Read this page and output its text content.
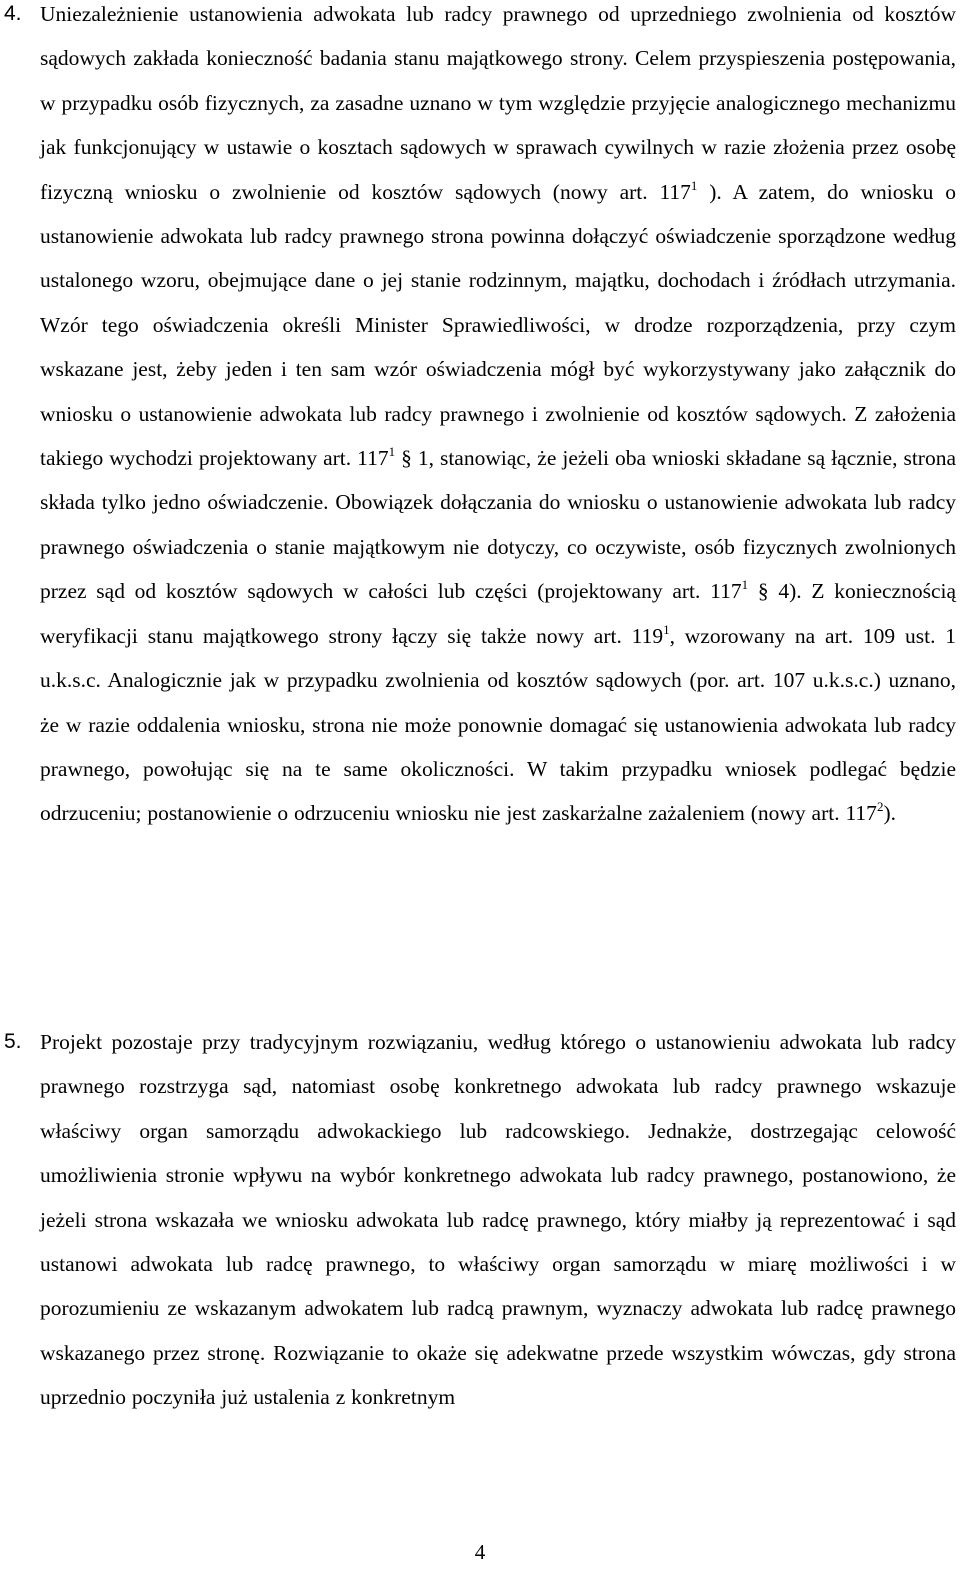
4. Uniezależnienie ustanowienia adwokata lub radcy prawnego od uprzedniego zwolnienia od kosztów sądowych zakłada konieczność badania stanu majątkowego strony. Celem przyspieszenia postępowania, w przypadku osób fizycznych, za zasadne uznano w tym względzie przyjęcie analogicznego mechanizmu jak funkcjonujący w ustawie o kosztach sądowych w sprawach cywilnych w razie złożenia przez osobę fizyczną wniosku o zwolnienie od kosztów sądowych (nowy art. $117^1$ ). A zatem, do wniosku o ustanowienie adwokata lub radcy prawnego strona powinna dołączyć oświadczenie sporządzone według ustalonego wzoru, obejmujące dane o jej stanie rodzinnym, majątku, dochodach i źródłach utrzymania. Wzór tego oświadczenia określi Minister Sprawiedliwości, w drodze rozporządzenia, przy czym wskazane jest, żeby jeden i ten sam wzór oświadczenia mógł być wykorzystywany jako załącznik do wniosku o ustanowienie adwokata lub radcy prawnego i zwolnienie od kosztów sądowych. Z założenia takiego wychodzi projektowany art. $117^1$ § 1, stanowiąc, że jeżeli oba wnioski składane są łącznie, strona składa tylko jedno oświadczenie. Obowiązek dołączania do wniosku o ustanowienie adwokata lub radcy prawnego oświadczenia o stanie majątkowym nie dotyczy, co oczywiste, osób fizycznych zwolnionych przez sąd od kosztów sądowych w całości lub części (projektowany art. $117^1$ § 4). Z koniecznością weryfikacji stanu majątkowego strony łączy się także nowy art. $119^1$, wzorowany na art. 109 ust. 1 u.k.s.c. Analogicznie jak w przypadku zwolnienia od kosztów sądowych (por. art. 107 u.k.s.c.) uznano, że w razie oddalenia wniosku, strona nie może ponownie domagać się ustanowienia adwokata lub radcy prawnego, powołując się na te same okoliczności. W takim przypadku wniosek podlegać będzie odrzuceniu; postanowienie o odrzuceniu wniosku nie jest zaskarżalne zażaleniem (nowy art. $117^2$).
5. Projekt pozostaje przy tradycyjnym rozwiązaniu, według którego o ustanowieniu adwokata lub radcy prawnego rozstrzyga sąd, natomiast osobę konkretnego adwokata lub radcy prawnego wskazuje właściwy organ samorządu adwokackiego lub radcowskiego. Jednakże, dostrzegając celowość umożliwienia stronie wpływu na wybór konkretnego adwokata lub radcy prawnego, postanowiono, że jeżeli strona wskazała we wniosku adwokata lub radcę prawnego, który miałby ją reprezentować i sąd ustanowi adwokata lub radcę prawnego, to właściwy organ samorządu w miarę możliwości i w porozumieniu ze wskazanym adwokatem lub radcą prawnym, wyznaczy adwokata lub radcę prawnego wskazanego przez stronę. Rozwiązanie to okaże się adekwatne przede wszystkim wówczas, gdy strona uprzednio poczyniła już ustalenia z konkretnym
4
